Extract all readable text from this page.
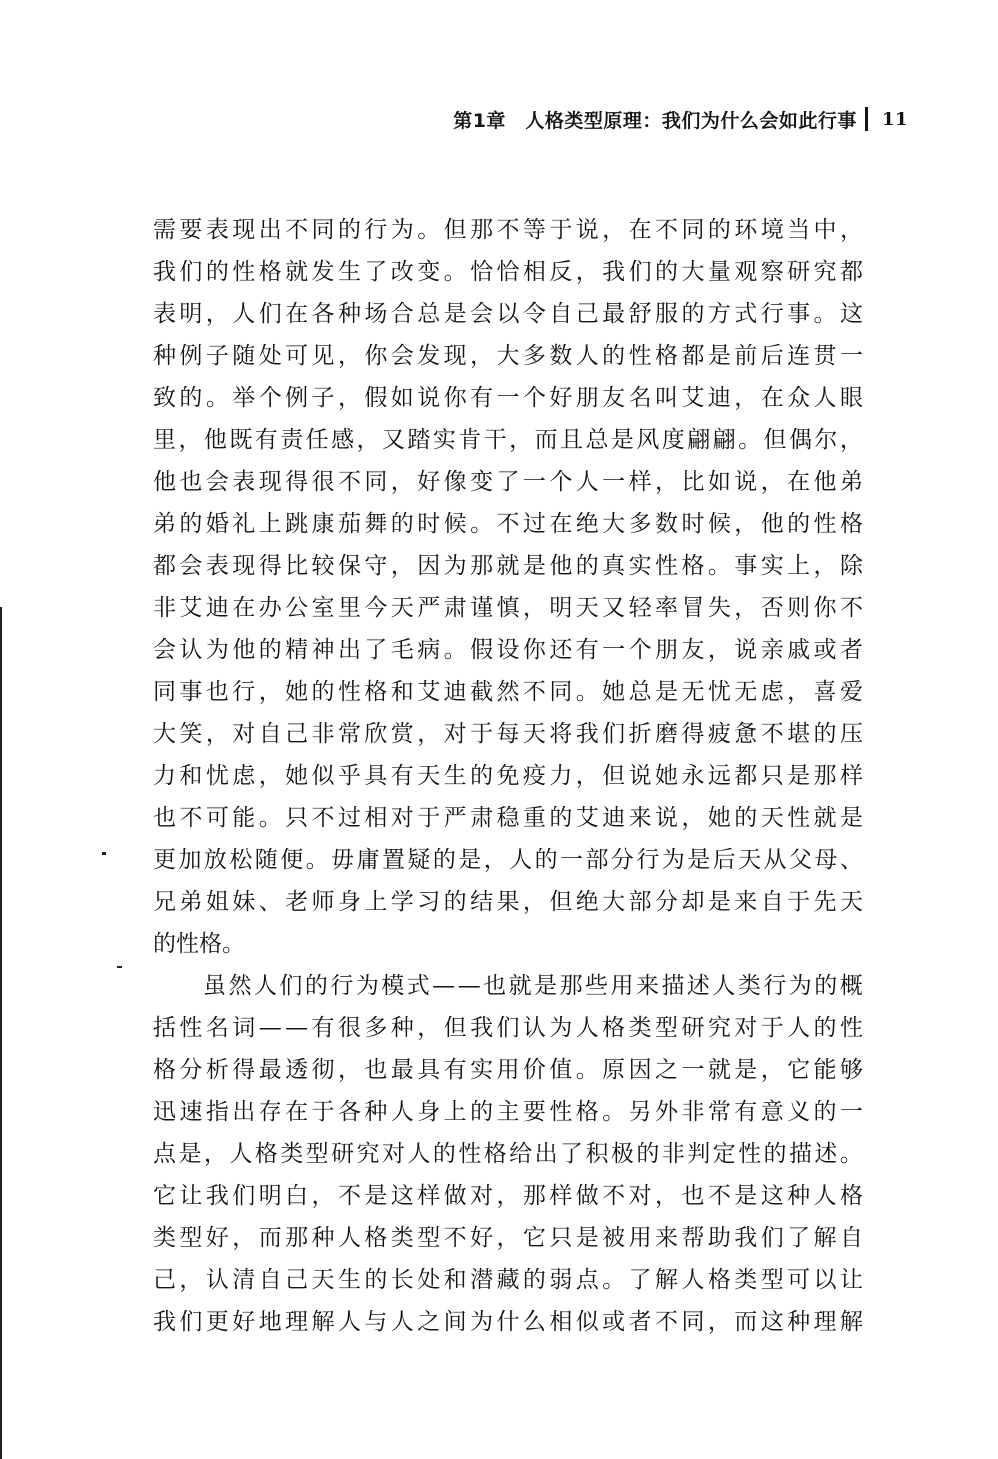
第1章　人格类型原理：我们为什么会如此行事 11
需 要 表 现 出 不 同 的 行 为 。 但 那 不 等 于 说 ， 在 不 同 的 环 境 当 中 ，
我 们 的 性 格 就 发 生 了 改 变 。 恰 恰 相 反 ， 我 们 的 大 量 观 察 研 究 都
表 明 ， 人 们 在 各 种 场 合 总 是 会 以 令 自 己 最 舒 服 的 方 式 行 事 。 这
种 例 子 随 处 可 见 ， 你 会 发 现 ， 大 多 数 人 的 性 格 都 是 前 后 连 贯 一
致 的 。 举 个 例 子 ， 假 如 说 你 有 一 个 好 朋 友 名 叫 艾 迪 ， 在 众 人 眼
里 ， 他 既 有 责 任 感 ， 又 踏 实 肯 干 ， 而 且 总 是 风 度 翩 翩 。 但 偶 尔 ，
他 也 会 表 现 得 很 不 同 ， 好 像 变 了 一 个 人 一 样 ， 比 如 说 ， 在 他 弟
弟 的 婚 礼 上 跳 康 茄 舞 的 时 候 。 不 过 在 绝 大 多 数 时 候 ， 他 的 性 格
都 会 表 现 得 比 较 保 守 ， 因 为 那 就 是 他 的 真 实 性 格 。 事 实 上 ， 除
非 艾 迪 在 办 公 室 里 今 天 严 肃 谨 慎 ， 明 天 又 轻 率 冒 失 ， 否 则 你 不
会 认 为 他 的 精 神 出 了 毛 病 。 假 设 你 还 有 一 个 朋 友 ， 说 亲 戚 或 者
同 事 也 行 ， 她 的 性 格 和 艾 迪 截 然 不 同 。 她 总 是 无 忧 无 虑 ， 喜 爱
大 笑 ， 对 自 己 非 常 欣 赏 ， 对 于 每 天 将 我 们 折 磨 得 疲 惫 不 堪 的 压
力 和 忧 虑 ， 她 似 乎 具 有 天 生 的 免 疫 力 ， 但 说 她 永 远 都 只 是 那 样
也 不 可 能 。 只 不 过 相 对 于 严 肃 稳 重 的 艾 迪 来 说 ， 她 的 天 性 就 是
更 加 放 松 随 便 。 毋 庸 置 疑 的 是 ， 人 的 一 部 分 行 为 是 后 天 从 父 母 、
兄 弟 姐 妹 、 老 师 身 上 学 习 的 结 果 ， 但 绝 大 部 分 却 是 来 自 于 先 天
的性格。
虽 然 人 们 的 行 为 模 式 — — 也 就 是 那 些 用 来 描 述 人 类 行 为 的 概
括 性 名 词 — — 有 很 多 种 ， 但 我 们 认 为 人 格 类 型 研 究 对 于 人 的 性
格 分 析 得 最 透 彻 ， 也 最 具 有 实 用 价 值 。 原 因 之 一 就 是 ， 它 能 够
迅 速 指 出 存 在 于 各 种 人 身 上 的 主 要 性 格 。 另 外 非 常 有 意 义 的 一
点 是 ， 人 格 类 型 研 究 对 人 的 性 格 给 出 了 积 极 的 非 判 定 性 的 描 述 。
它 让 我 们 明 白 ， 不 是 这 样 做 对 ， 那 样 做 不 对 ， 也 不 是 这 种 人 格
类 型 好 ， 而 那 种 人 格 类 型 不 好 ， 它 只 是 被 用 来 帮 助 我 们 了 解 自
己 ， 认 清 自 己 天 生 的 长 处 和 潜 藏 的 弱 点 。 了 解 人 格 类 型 可 以 让
我 们 更 好 地 理 解 人 与 人 之 间 为 什 么 相 似 或 者 不 同 ， 而 这 种 理 解
